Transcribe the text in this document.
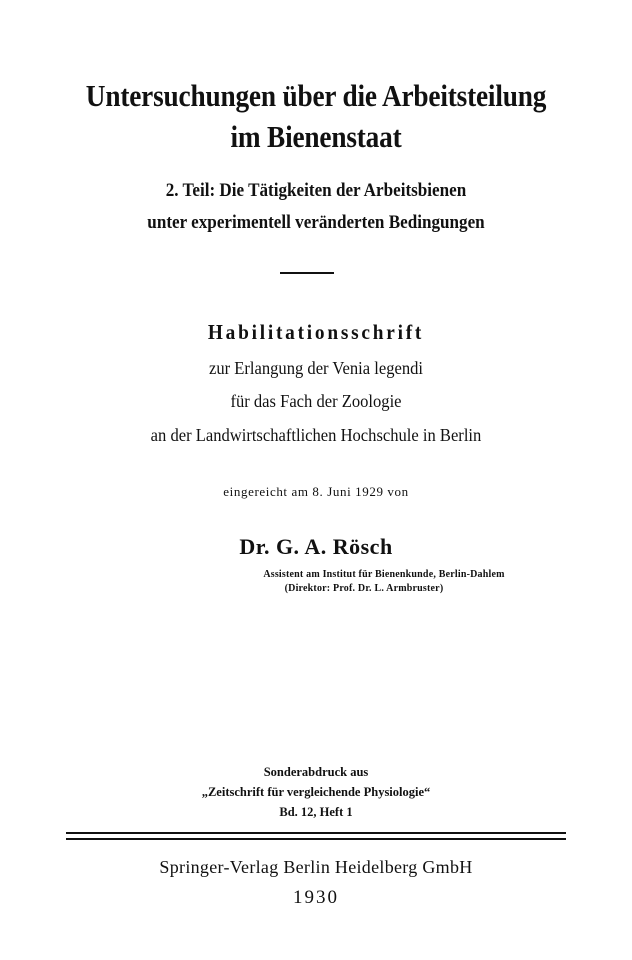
Untersuchungen über die Arbeitsteilung
im Bienenstaat
2. Teil: Die Tätigkeiten der Arbeitsbienen
unter experimentell veränderten Bedingungen
Habilitationsschrift
zur Erlangung der Venia legendi
für das Fach der Zoologie
an der Landwirtschaftlichen Hochschule in Berlin
eingereicht am 8. Juni 1929 von
Dr. G. A. Rösch
Assistent am Institut für Bienenkunde, Berlin-Dahlem
(Direktor: Prof. Dr. L. Armbruster)
Sonderabdruck aus
„Zeitschrift für vergleichende Physiologie“
Bd. 12, Heft 1
Springer-Verlag Berlin Heidelberg GmbH
1930
